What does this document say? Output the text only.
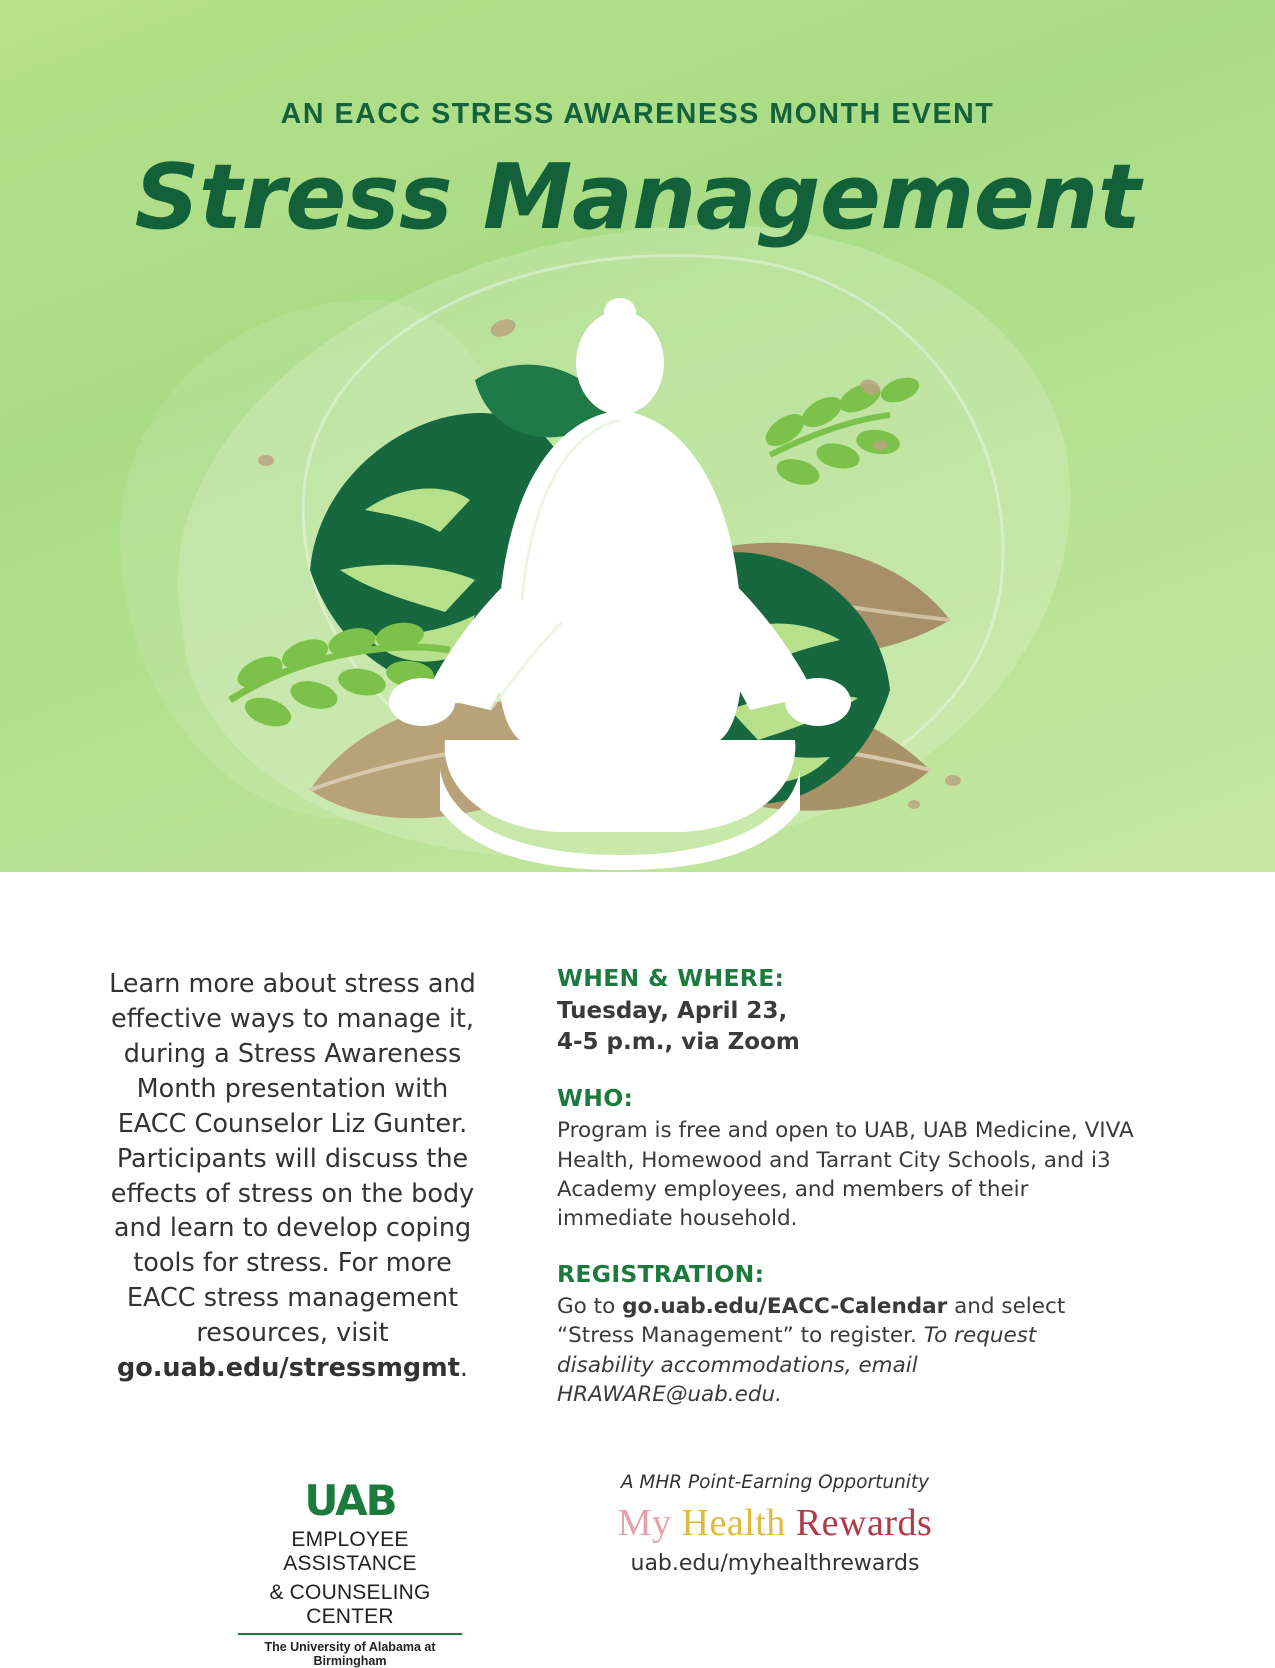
AN EACC STRESS AWARENESS MONTH EVENT
Stress Management
Learn more about stress and effective ways to manage it, during a Stress Awareness Month presentation with EACC Counselor Liz Gunter. Participants will discuss the effects of stress on the body and learn to develop coping tools for stress. For more EACC stress management resources, visit go.uab.edu/stressmgmt.
WHEN & WHERE:
Tuesday, April 23,
4-5 p.m., via Zoom
WHO:
Program is free and open to UAB, UAB Medicine, VIVA Health, Homewood and Tarrant City Schools, and i3 Academy employees, and members of their immediate household.
REGISTRATION:
Go to go.uab.edu/EACC-Calendar and select “Stress Management” to register. To request disability accommodations, email HRAWARE@uab.edu.
UAB
EMPLOYEE ASSISTANCE
& COUNSELING CENTER
The University of Alabama at Birmingham
A MHR Point-Earning Opportunity
My Health Rewards
uab.edu/myhealthrewards
